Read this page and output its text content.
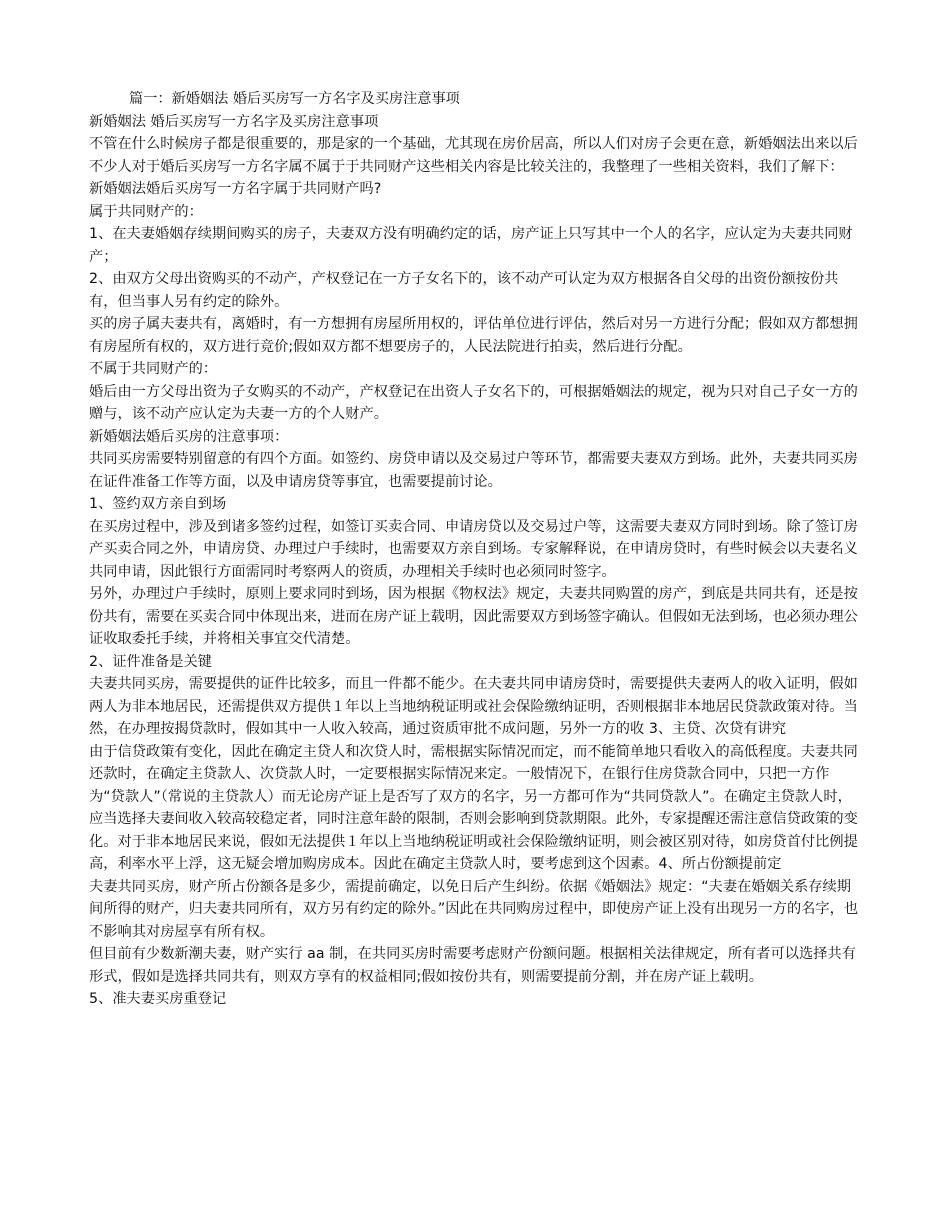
篇一：新婚姻法 婚后买房写一方名字及买房注意事项

新婚姻法 婚后买房写一方名字及买房注意事项

不管在什么时候房子都是很重要的，那是家的一个基础，尤其现在房价居高，所以人们对房子会更在意，新婚姻法出来以后不少人对于婚后买房写一方名字属不属于于共同财产这些相关内容是比较关注的，我整理了一些相关资料，我们了解下：

新婚姻法婚后买房写一方名字属于共同财产吗?

属于共同财产的：

1、在夫妻婚姻存续期间购买的房子，夫妻双方没有明确约定的话，房产证上只写其中一个人的名字，应认定为夫妻共同财产；

2、由双方父母出资购买的不动产，产权登记在一方子女名下的，该不动产可认定为双方根据各自父母的出资份额按份共有，但当事人另有约定的除外。

买的房子属夫妻共有，离婚时，有一方想拥有房屋所用权的，评估单位进行评估，然后对另一方进行分配；假如双方都想拥有房屋所有权的，双方进行竞价;假如双方都不想要房子的，人民法院进行拍卖，然后进行分配。

不属于共同财产的：

婚后由一方父母出资为子女购买的不动产，产权登记在出资人子女名下的，可根据婚姻法的规定，视为只对自己子女一方的赠与，该不动产应认定为夫妻一方的个人财产。

新婚姻法婚后买房的注意事项：

共同买房需要特别留意的有四个方面。如签约、房贷申请以及交易过户等环节，都需要夫妻双方到场。此外，夫妻共同买房在证件准备工作等方面，以及申请房贷等事宜，也需要提前讨论。

1、签约双方亲自到场

在买房过程中，涉及到诸多签约过程，如签订买卖合同、申请房贷以及交易过户等，这需要夫妻双方同时到场。除了签订房产买卖合同之外，申请房贷、办理过户手续时，也需要双方亲自到场。专家解释说，在申请房贷时，有些时候会以夫妻名义共同申请，因此银行方面需同时考察两人的资质，办理相关手续时也必须同时签字。

另外，办理过户手续时，原则上要求同时到场，因为根据《物权法》规定，夫妻共同购置的房产，到底是共同共有，还是按份共有，需要在买卖合同中体现出来，进而在房产证上载明，因此需要双方到场签字确认。但假如无法到场，也必须办理公证收取委托手续，并将相关事宜交代清楚。

2、证件准备是关键

夫妻共同买房，需要提供的证件比较多，而且一件都不能少。在夫妻共同申请房贷时，需要提供夫妻两人的收入证明，假如两人为非本地居民，还需提供双方提供１年以上当地纳税证明或社会保险缴纳证明，否则根据非本地居民贷款政策对待。当然，在办理按揭贷款时，假如其中一人收入较高，通过资质审批不成问题，另外一方的收 3、主贷、次贷有讲究

由于信贷政策有变化，因此在确定主贷人和次贷人时，需根据实际情况而定，而不能简单地只看收入的高低程度。夫妻共同还款时，在确定主贷款人、次贷款人时，一定要根据实际情况来定。一般情况下，在银行住房贷款合同中，只把一方作为“贷款人”（常说的主贷款人）而无论房产证上是否写了双方的名字，另一方都可作为“共同贷款人”。在确定主贷款人时，应当选择夫妻间收入较高较稳定者，同时注意年龄的限制，否则会影响到贷款期限。此外，专家提醒还需注意信贷政策的变化。对于非本地居民来说，假如无法提供１年以上当地纳税证明或社会保险缴纳证明，则会被区别对待，如房贷首付比例提高，利率水平上浮，这无疑会增加购房成本。因此在确定主贷款人时，要考虑到这个因素。4、所占份额提前定

夫妻共同买房，财产所占份额各是多少，需提前确定，以免日后产生纠纷。依据《婚姻法》规定：“夫妻在婚姻关系存续期间所得的财产，归夫妻共同所有，双方另有约定的除外。”因此在共同购房过程中，即使房产证上没有出现另一方的名字，也不影响其对房屋享有所有权。

但目前有少数新潮夫妻，财产实行 aa 制，在共同买房时需要考虑财产份额问题。根据相关法律规定，所有者可以选择共有形式，假如是选择共同共有，则双方享有的权益相同;假如按份共有，则需要提前分割，并在房产证上载明。

5、准夫妻买房重登记
